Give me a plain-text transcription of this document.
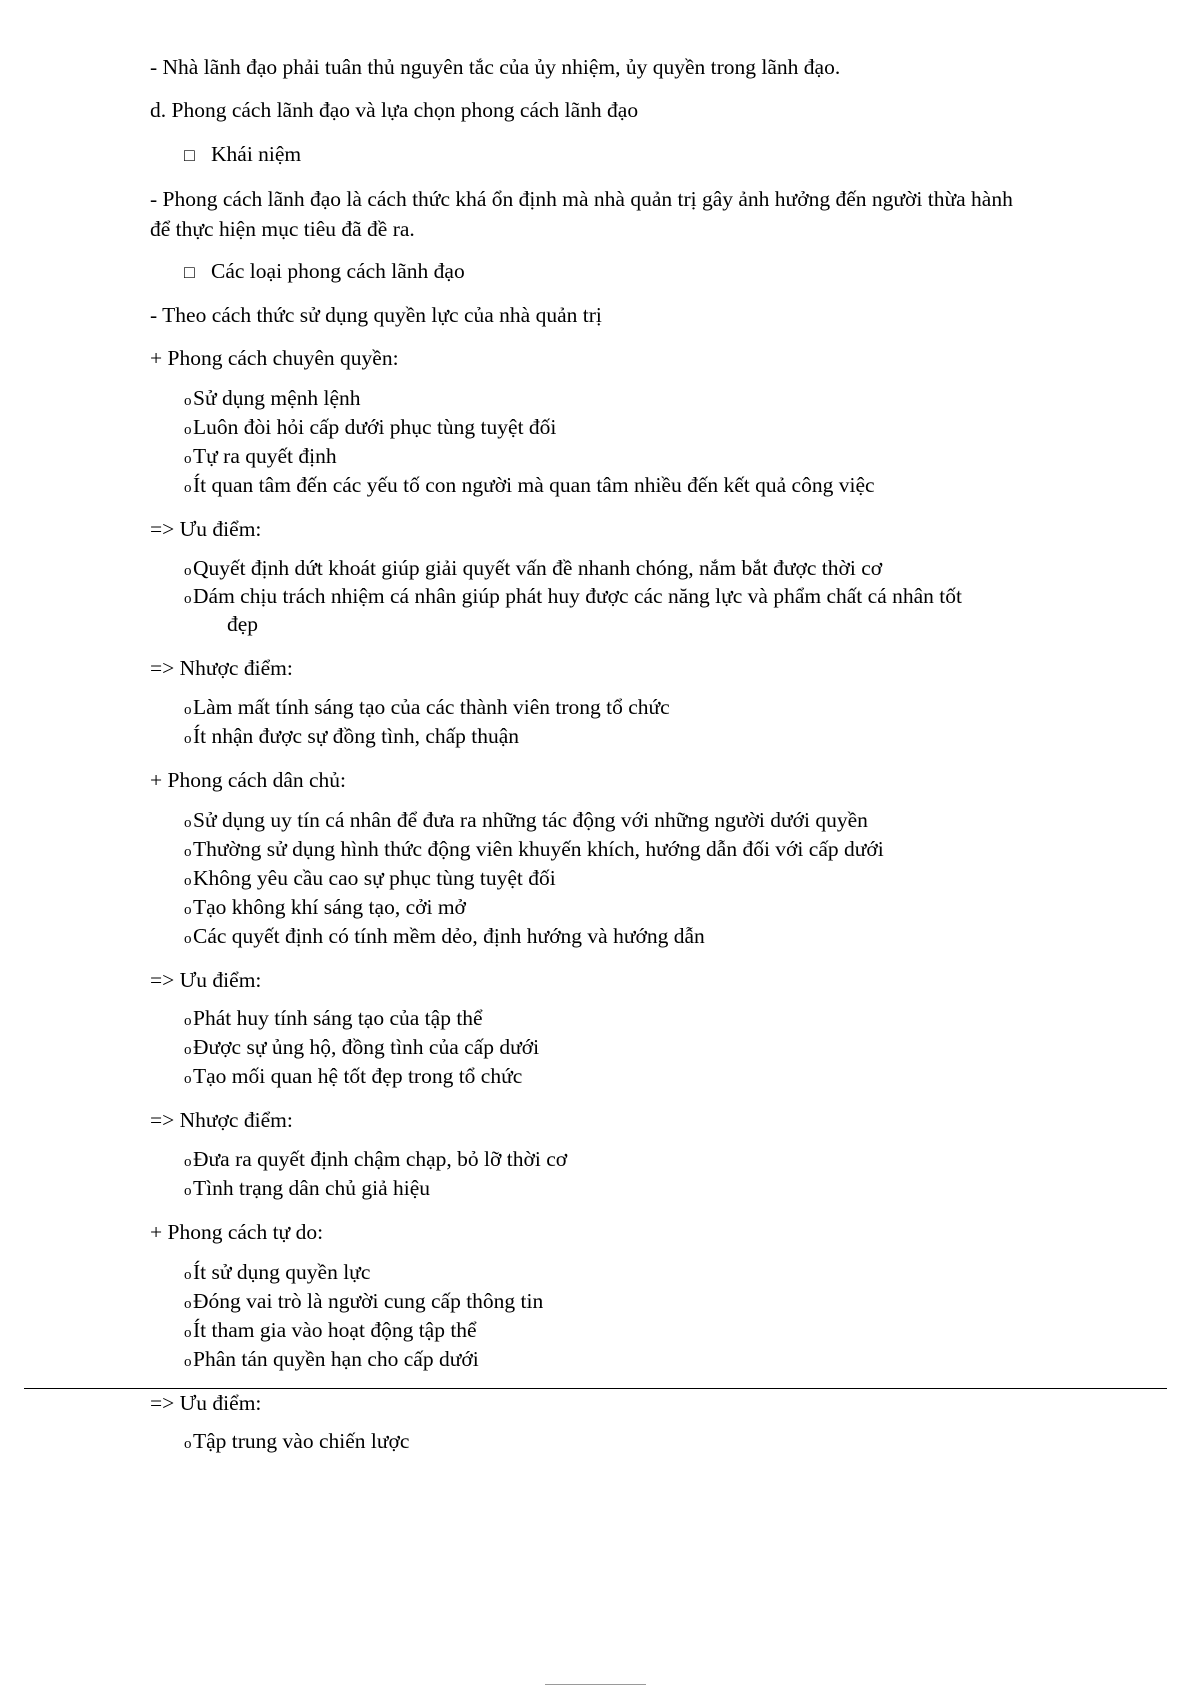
- Nhà lãnh đạo phải tuân thủ nguyên tắc của ủy nhiệm, ủy quyền trong lãnh đạo.
d. Phong cách lãnh đạo và lựa chọn phong cách lãnh đạo
□ Khái niệm
- Phong cách lãnh đạo là cách thức khá ổn định mà nhà quản trị gây ảnh hưởng đến người thừa hành để thực hiện mục tiêu đã đề ra.
□ Các loại phong cách lãnh đạo
- Theo cách thức sử dụng quyền lực của nhà quản trị
+ Phong cách chuyên quyền:
o Sử dụng mệnh lệnh
o Luôn đòi hỏi cấp dưới phục tùng tuyệt đối
o Tự ra quyết định
o Ít quan tâm đến các yếu tố con người mà quan tâm nhiều đến kết quả công việc
=> Ưu điểm:
o Quyết định dứt khoát giúp giải quyết vấn đề nhanh chóng, nắm bắt được thời cơ
o Dám chịu trách nhiệm cá nhân giúp phát huy được các năng lực và phẩm chất cá nhân tốt
đẹp
=> Nhược điểm:
o Làm mất tính sáng tạo của các thành viên trong tổ chức
o Ít nhận được sự đồng tình, chấp thuận
+ Phong cách dân chủ:
o Sử dụng uy tín cá nhân để đưa ra những tác động với những người dưới quyền
o Thường sử dụng hình thức động viên khuyến khích, hướng dẫn đối với cấp dưới
o Không yêu cầu cao sự phục tùng tuyệt đối
o Tạo không khí sáng tạo, cởi mở
o Các quyết định có tính mềm dẻo, định hướng và hướng dẫn
=> Ưu điểm:
o Phát huy tính sáng tạo của tập thể
o Được sự ủng hộ, đồng tình của cấp dưới
o Tạo mối quan hệ tốt đẹp trong tổ chức
=> Nhược điểm:
o Đưa ra quyết định chậm chạp, bỏ lỡ thời cơ
o Tình trạng dân chủ giả hiệu
+ Phong cách tự do:
o Ít sử dụng quyền lực
o Đóng vai trò là người cung cấp thông tin
o Ít tham gia vào hoạt động tập thể
o Phân tán quyền hạn cho cấp dưới
=> Ưu điểm:
o Tập trung vào chiến lược
